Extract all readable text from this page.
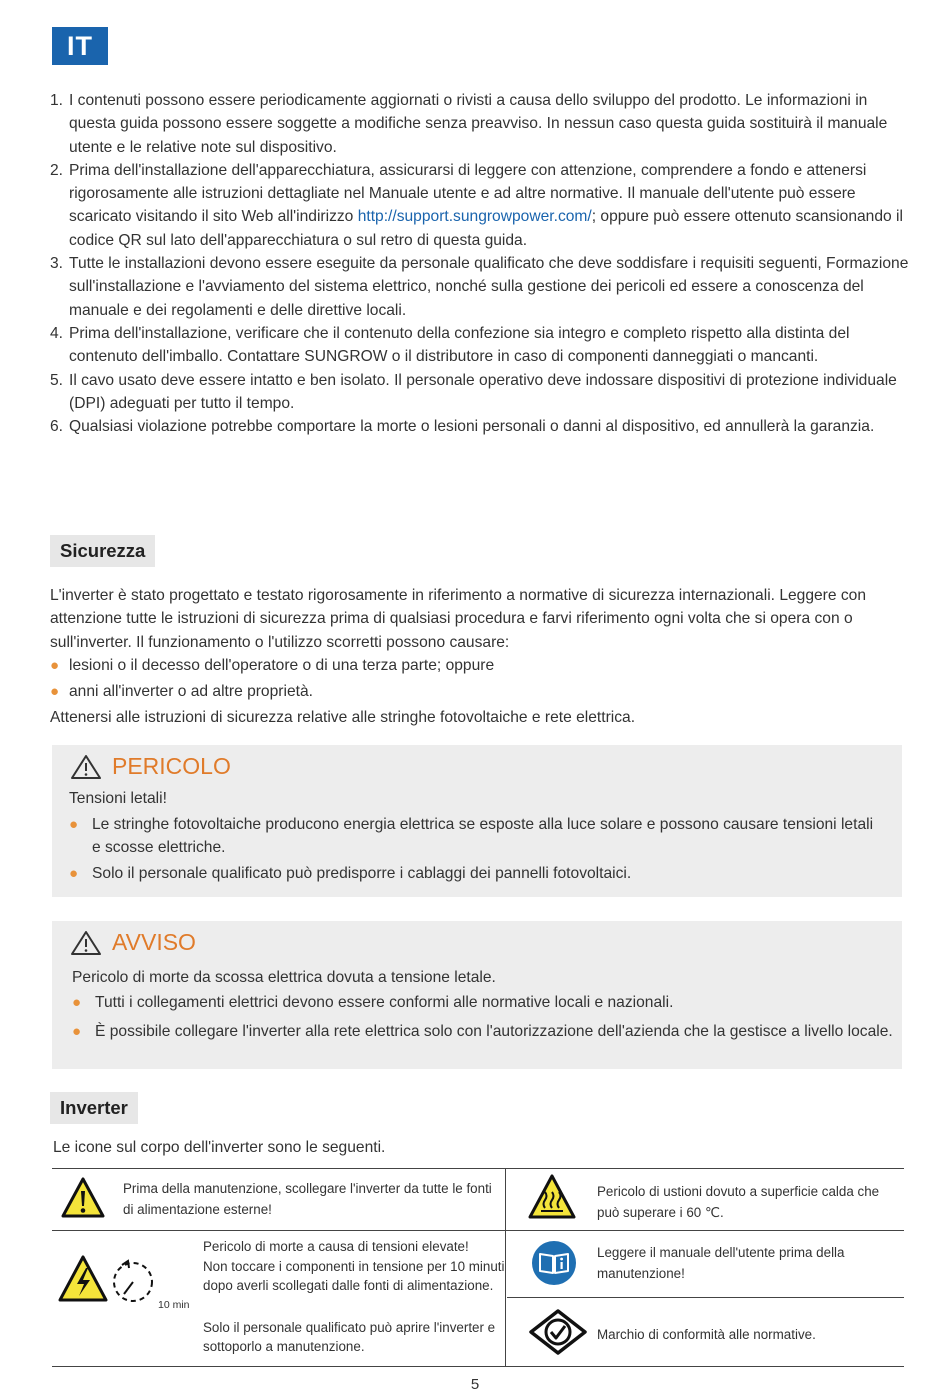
IT
1. I contenuti possono essere periodicamente aggiornati o rivisti a causa dello sviluppo del prodotto. Le informazioni in questa guida possono essere soggette a modifiche senza preavviso. In nessun caso questa guida sostituirà il manuale utente e le relative note sul dispositivo.
2. Prima dell'installazione dell'apparecchiatura, assicurarsi di leggere con attenzione, comprendere a fondo e attenersi rigorosamente alle istruzioni dettagliate nel Manuale utente e ad altre normative. Il manuale dell'utente può essere scaricato visitando il sito Web all'indirizzo http://support.sungrowpower.com/; oppure può essere ottenuto scansionando il codice QR sul lato dell'apparecchiatura o sul retro di questa guida.
3. Tutte le installazioni devono essere eseguite da personale qualificato che deve soddisfare i requisiti seguenti, Formazione sull'installazione e l'avviamento del sistema elettrico, nonché sulla gestione dei pericoli ed essere a conoscenza del manuale e dei regolamenti e delle direttive locali.
4. Prima dell'installazione, verificare che il contenuto della confezione sia integro e completo rispetto alla distinta del contenuto dell'imballo. Contattare SUNGROW o il distributore in caso di componenti danneggiati o mancanti.
5. Il cavo usato deve essere intatto e ben isolato. Il personale operativo deve indossare dispositivi di protezione individuale (DPI) adeguati per tutto il tempo.
6. Qualsiasi violazione potrebbe comportare la morte o lesioni personali o danni al dispositivo, ed annullerà la garanzia.
Sicurezza
L'inverter è stato progettato e testato rigorosamente in riferimento a normative di sicurezza internazionali. Leggere con attenzione tutte le istruzioni di sicurezza prima di qualsiasi procedura e farvi riferimento ogni volta che si opera con o sull'inverter. Il funzionamento o l'utilizzo scorretti possono causare:
● lesioni o il decesso dell'operatore o di una terza parte; oppure
● anni all'inverter o ad altre proprietà.
Attenersi alle istruzioni di sicurezza relative alle stringhe fotovoltaiche e rete elettrica.
PERICOLO
Tensioni letali!
● Le stringhe fotovoltaiche producono energia elettrica se esposte alla luce solare e possono causare tensioni letali e scosse elettriche.
● Solo il personale qualificato può predisporre i cablaggi dei pannelli fotovoltaici.
AVVISO
Pericolo di morte da scossa elettrica dovuta a tensione letale.
● Tutti i collegamenti elettrici devono essere conformi alle normative locali e nazionali.
● È possibile collegare l'inverter alla rete elettrica solo con l'autorizzazione dell'azienda che la gestisce a livello locale.
Inverter
Le icone sul corpo dell'inverter sono le seguenti.
Prima della manutenzione, scollegare l'inverter da tutte le fonti di alimentazione esterne!
Pericolo di ustioni dovuto a superficie calda che può superare i 60 ℃.
10 min
Pericolo di morte a causa di tensioni elevate!
Non toccare i componenti in tensione per 10 minuti dopo averli scollegati dalle fonti di alimentazione.
Solo il personale qualificato può aprire l'inverter e sottoporlo a manutenzione.
Leggere il manuale dell'utente prima della manutenzione!
Marchio di conformità alle normative.
5
